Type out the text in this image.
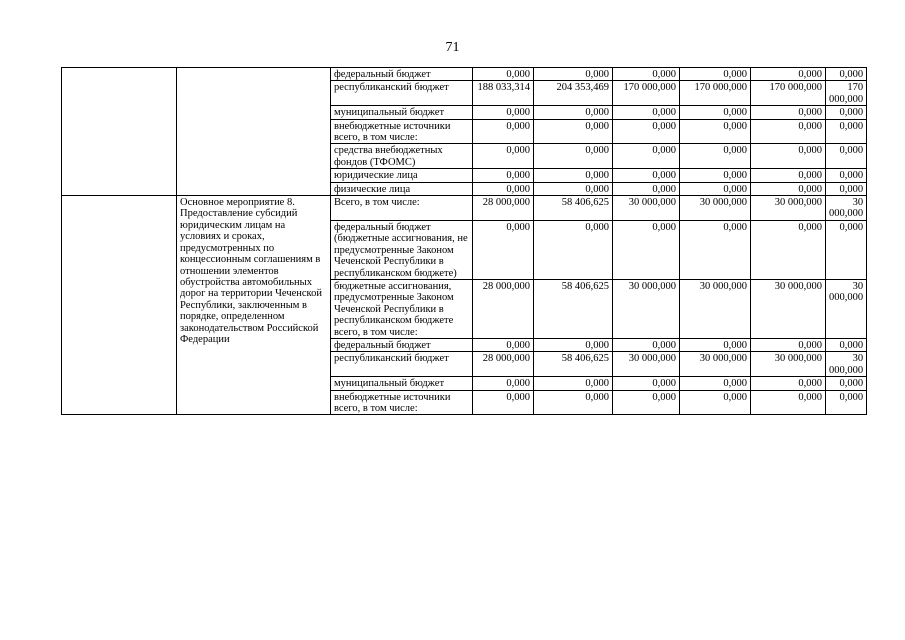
71
		федеральный бюджет	0,000	0,000	0,000	0,000	0,000	0,000
		республиканский бюджет	188 033,314	204 353,469	170 000,000	170 000,000	170 000,000	170 000,000
		муниципальный бюджет	0,000	0,000	0,000	0,000	0,000	0,000
		внебюджетные источники всего, в том числе:	0,000	0,000	0,000	0,000	0,000	0,000
		средства внебюджетных фондов (ТФОМС)	0,000	0,000	0,000	0,000	0,000	0,000
		юридические лица	0,000	0,000	0,000	0,000	0,000	0,000
		физические лица	0,000	0,000	0,000	0,000	0,000	0,000
	Основное мероприятие 8. Предоставление субсидий юридическим лицам на условиях и сроках, предусмотренных по концессионным соглашениям в отношении элементов обустройства автомобильных дорог на территории Чеченской Республики, заключенным в порядке, определенном законодательством Российской Федерации	Всего, в том числе:	28 000,000	58 406,625	30 000,000	30 000,000	30 000,000	30 000,000
		федеральный бюджет (бюджетные ассигнования, не предусмотренные Законом Чеченской Республики в республиканском бюджете)	0,000	0,000	0,000	0,000	0,000	0,000
		бюджетные ассигнования, предусмотренные Законом Чеченской Республики в республиканском бюджете всего, в том числе:	28 000,000	58 406,625	30 000,000	30 000,000	30 000,000	30 000,000
		федеральный бюджет	0,000	0,000	0,000	0,000	0,000	0,000
		республиканский бюджет	28 000,000	58 406,625	30 000,000	30 000,000	30 000,000	30 000,000
		муниципальный бюджет	0,000	0,000	0,000	0,000	0,000	0,000
		внебюджетные источники всего, в том числе:	0,000	0,000	0,000	0,000	0,000	0,000
